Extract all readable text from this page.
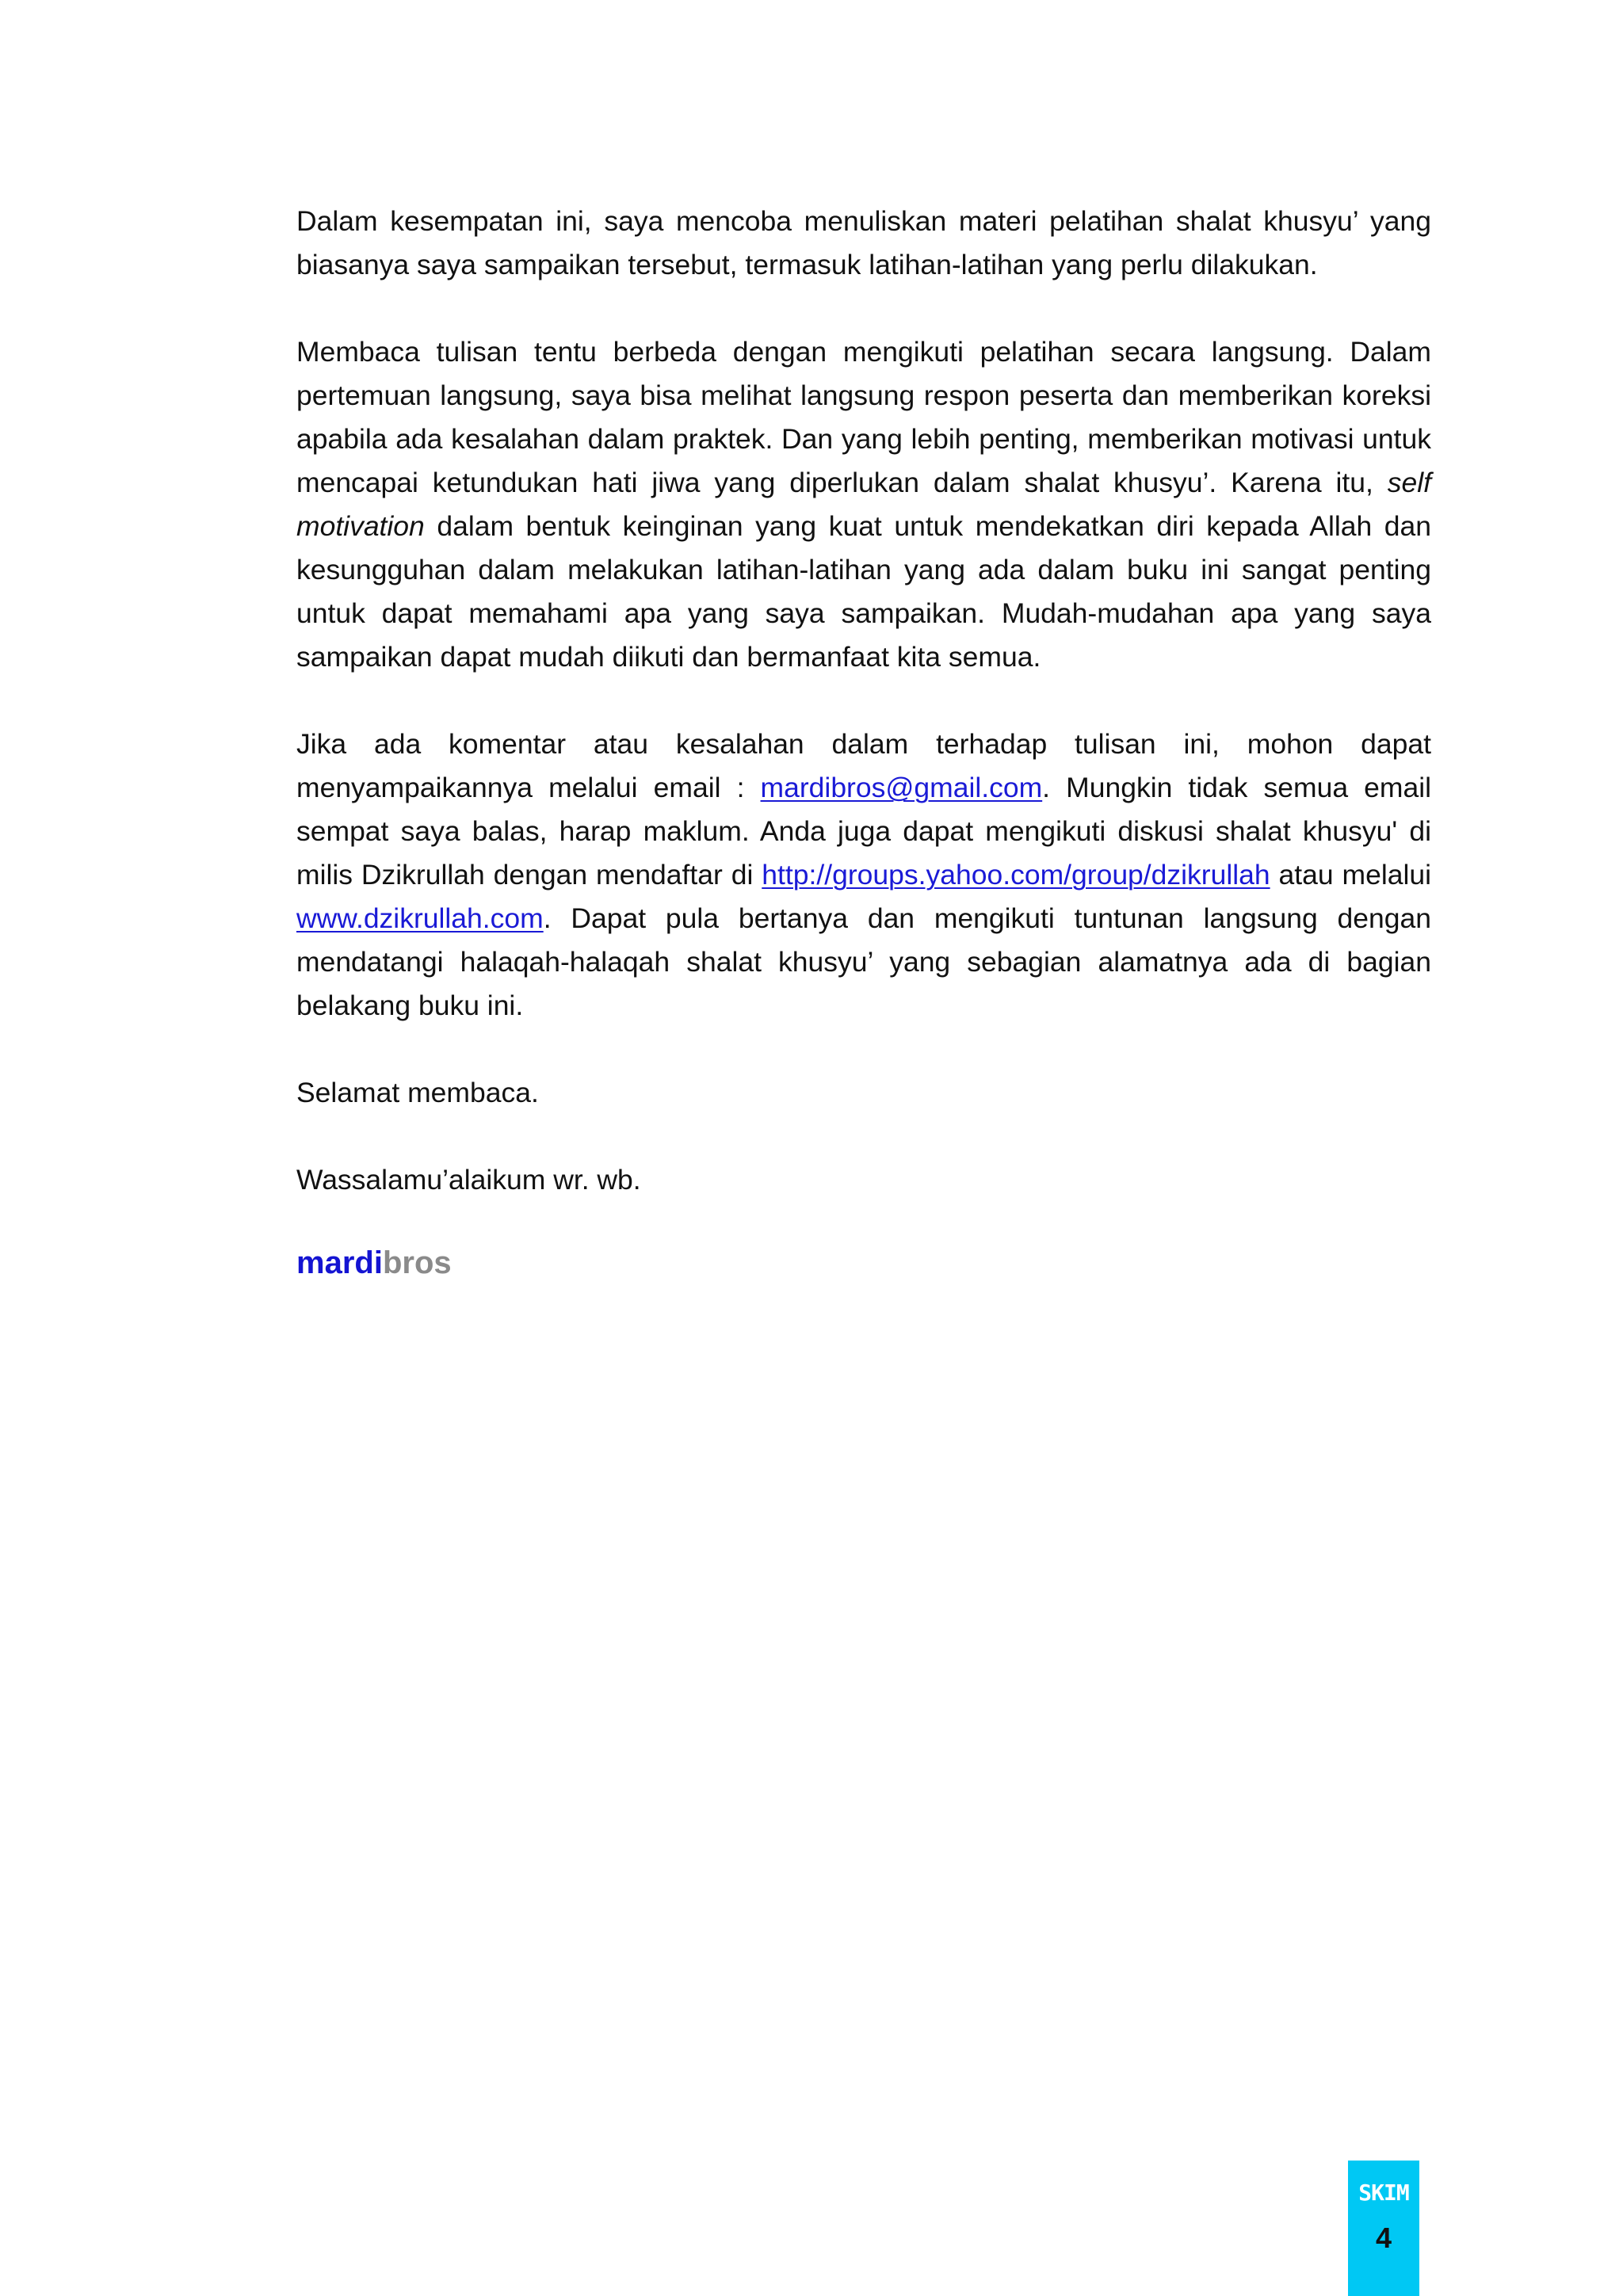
Dalam kesempatan ini, saya mencoba menuliskan materi pelatihan shalat khusyu’ yang biasanya saya sampaikan tersebut, termasuk latihan-latihan yang perlu dilakukan.

Membaca tulisan tentu berbeda dengan mengikuti pelatihan secara langsung. Dalam pertemuan langsung, saya bisa melihat langsung respon peserta dan memberikan koreksi apabila ada kesalahan dalam praktek. Dan yang lebih penting, memberikan motivasi untuk mencapai ketundukan hati jiwa yang diperlukan dalam shalat khusyu’. Karena itu, self motivation dalam bentuk keinginan yang kuat untuk mendekatkan diri kepada Allah dan kesungguhan dalam melakukan latihan-latihan yang ada dalam buku ini sangat penting untuk dapat memahami apa yang saya sampaikan. Mudah-mudahan apa yang saya sampaikan dapat mudah diikuti dan bermanfaat kita semua.

Jika ada komentar atau kesalahan dalam terhadap tulisan ini, mohon dapat menyampaikannya melalui email : mardibros@gmail.com. Mungkin tidak semua email sempat saya balas, harap maklum. Anda juga dapat mengikuti diskusi shalat khusyu' di milis Dzikrullah dengan mendaftar di http://groups.yahoo.com/group/dzikrullah atau melalui www.dzikrullah.com. Dapat pula bertanya dan mengikuti tuntunan langsung dengan mendatangi halaqah-halaqah shalat khusyu’ yang sebagian alamatnya ada di bagian belakang buku ini.

Selamat membaca.

Wassalamu’alaikum wr. wb.

mardibros
SKIM
4
